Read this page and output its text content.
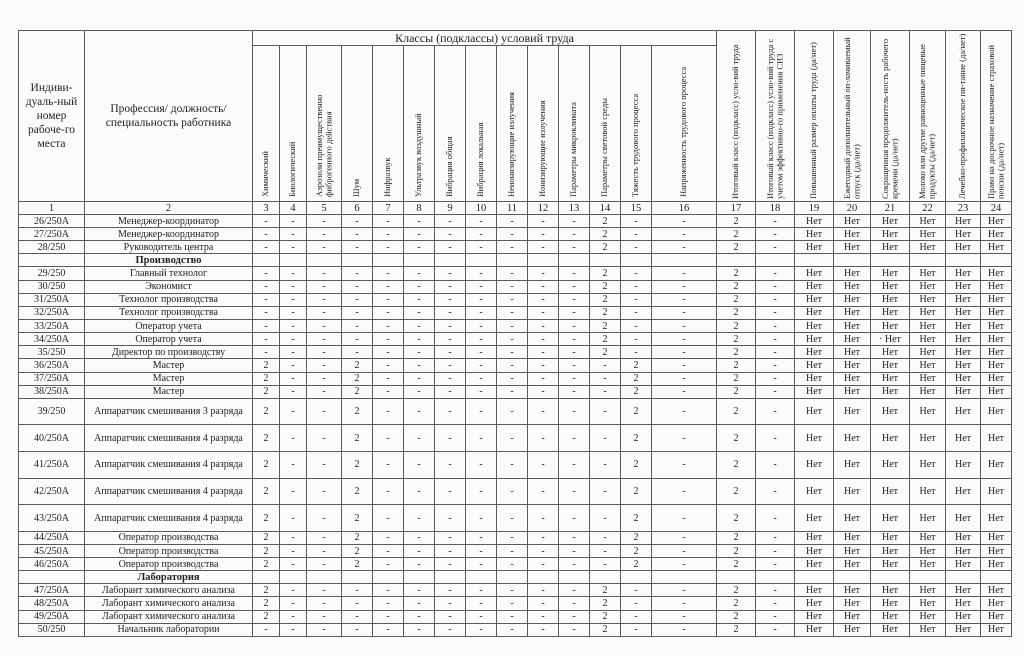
Индиви-дуаль-ный номер рабоче-го места	Профессия/ должность/ специальность работника	Классы (подклассы) условий труда														Итоговый класс (подкласс) усло-вий труда	Итоговый класс (подкласс) усло-вий труда с учетом эффективно-го применения СИЗ	Повышенный размер оплаты труда (да/нет)	Ежегодный дополнительный оп-лачиваемый отпуск (да/нет)	Сокращенная продолжитель-ность рабочего времени (да/нет)	Молоко или другие равноценные пищевые продукты (да/нет)	Лечебно-профилактическое пи-тание (да/нет)	Право на досрочное назначение страховой пенсии (да/нет)
		Химический	Биологический	Аэрозоли преимущественно фиброгенного действия	Шум	Инфразвук	Ультразвук воздушный	Вибрация общая	Вибрация локальная	Неионизирующие излучения	Ионизирующие излучения	Параметры микроклимата	Параметры световой среды	Тяжесть трудового процесса	Напряженность трудового процесса								
1	2	3	4	5	6	7	8	9	10	11	12	13	14	15	16	17	18	19	20	21	22	23	24
26/250А	Менеджер-координатор	-	-	-	-	-	-	-	-	-	-	-	2	-	-	2	-	Нет	Нет	Нет	Нет	Нет	Нет
27/250А	Менеджер-координатор	-	-	-	-	-	-	-	-	-	-	-	2	-	-	2	-	Нет	Нет	Нет	Нет	Нет	Нет
28/250	Руководитель центра	-	-	-	-	-	-	-	-	-	-	-	2	-	-	2	-	Нет	Нет	Нет	Нет	Нет	Нет
	Производство																						
29/250	Главный технолог	-	-	-	-	-	-	-	-	-	-	-	2	-	-	2	-	Нет	Нет	Нет	Нет	Нет	Нет
30/250	Экономист	-	-	-	-	-	-	-	-	-	-	-	2	-	-	2	-	Нет	Нет	Нет	Нет	Нет	Нет
31/250А	Технолог производства	-	-	-	-	-	-	-	-	-	-	-	2	-	-	2	-	Нет	Нет	Нет	Нет	Нет	Нет
32/250А	Технолог производства	-	-	-	-	-	-	-	-	-	-	-	2	-	-	2	-	Нет	Нет	Нет	Нет	Нет	Нет
33/250А	Оператор учета	-	-	-	-	-	-	-	-	-	-	-	2	-	-	2	-	Нет	Нет	Нет	Нет	Нет	Нет
34/250А	Оператор учета	-	-	-	-	-	-	-	-	-	-	-	2	-	-	2	-	Нет	Нет	· Нет	Нет	Нет	Нет
35/250	Директор по производству	-	-	-	-	-	-	-	-	-	-	-	2	-	-	2	-	Нет	Нет	Нет	Нет	Нет	Нет
36/250А	Мастер	2	-	-	2	-	-	-	-	-	-	-	-	2	-	2	-	Нет	Нет	Нет	Нет	Нет	Нет
37/250А	Мастер	2	-	-	2	-	-	-	-	-	-	-	-	2	-	2	-	Нет	Нет	Нет	Нет	Нет	Нет
38/250А	Мастер	2	-	-	2	-	-	-	-	-	-	-	-	2	-	2	-	Нет	Нет	Нет	Нет	Нет	Нет
39/250	Аппаратчик смешивания 3 разряда	2	-	-	2	-	-	-	-	-	-	-	-	2	-	2	-	Нет	Нет	Нет	Нет	Нет	Нет
40/250А	Аппаратчик смешивания 4 разряда	2	-	-	2	-	-	-	-	-	-	-	-	2	-	2	-	Нет	Нет	Нет	Нет	Нет	Нет
41/250А	Аппаратчик смешивания 4 разряда	2	-	-	2	-	-	-	-	-	-	-	-	2	-	2	-	Нет	Нет	Нет	Нет	Нет	Нет
42/250А	Аппаратчик смешивания 4 разряда	2	-	-	2	-	-	-	-	-	-	-	-	2	-	2	-	Нет	Нет	Нет	Нет	Нет	Нет
43/250А	Аппаратчик смешивания 4 разряда	2	-	-	2	-	-	-	-	-	-	-	-	2	-	2	-	Нет	Нет	Нет	Нет	Нет	Нет
44/250А	Оператор производства	2	-	-	2	-	-	-	-	-	-	-	-	2	-	2	-	Нет	Нет	Нет	Нет	Нет	Нет
45/250А	Оператор производства	2	-	-	2	-	-	-	-	-	-	-	-	2	-	2	-	Нет	Нет	Нет	Нет	Нет	Нет
46/250А	Оператор производства	2	-	-	2	-	-	-	-	-	-	-	-	2	-	2	-	Нет	Нет	Нет	Нет	Нет	Нет
	Лаборатория																						
47/250А	Лаборант химического анализа	2	-	-	-	-	-	-	-	-	-	-	2	-	-	2	-	Нет	Нет	Нет	Нет	Нет	Нет
48/250А	Лаборант химического анализа	2	-	-	-	-	-	-	-	-	-	-	2	-	-	2	-	Нет	Нет	Нет	Нет	Нет	Нет
49/250А	Лаборант химического анализа	2	-	-	-	-	-	-	-	-	-	-	2	-	-	2	-	Нет	Нет	Нет	Нет	Нет	Нет
50/250	Начальник лаборатории	-	-	-	-	-	-	-	-	-	-	-	2	-	-	2	-	Нет	Нет	Нет	Нет	Нет	Нет
